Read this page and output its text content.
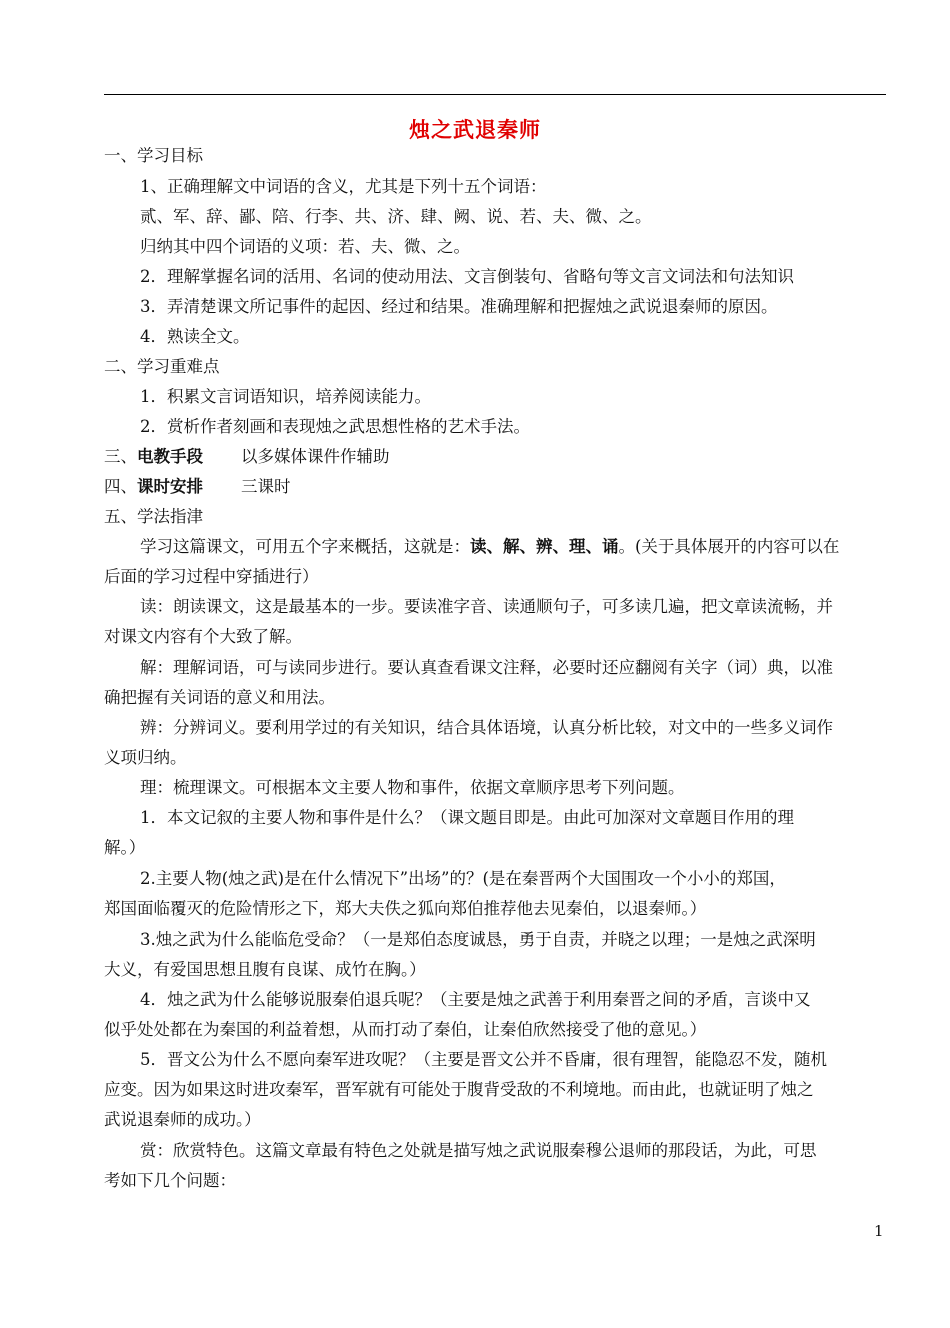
烛之武退秦师
一、学习目标
1、正确理解文中词语的含义，尤其是下列十五个词语：
贰、军、辞、鄙、陪、行李、共、济、肆、阙、说、若、夫、微、之。
归纳其中四个词语的义项：若、夫、微、之。
2．理解掌握名词的活用、名词的使动用法、文言倒装句、省略句等文言文词法和句法知识
3．弄清楚课文所记事件的起因、经过和结果。准确理解和把握烛之武说退秦师的原因。
4．熟读全文。
二、学习重难点
1．积累文言词语知识，培养阅读能力。
2．赏析作者刻画和表现烛之武思想性格的艺术手法。
三、电教手段 以多媒体课件作辅助
四、课时安排 三课时
五、学法指津
学习这篇课文，可用五个字来概括，这就是：读、解、辨、理、诵。(关于具体展开的内容可以在
后面的学习过程中穿插进行）
读：朗读课文，这是最基本的一步。要读准字音、读通顺句子，可多读几遍，把文章读流畅，并
对课文内容有个大致了解。
解：理解词语，可与读同步进行。要认真查看课文注释，必要时还应翻阅有关字（词）典，以准
确把握有关词语的意义和用法。
辨：分辨词义。要利用学过的有关知识，结合具体语境，认真分析比较，对文中的一些多义词作
义项归纳。
理：梳理课文。可根据本文主要人物和事件，依据文章顺序思考下列问题。
1．本文记叙的主要人物和事件是什么？（课文题目即是。由此可加深对文章题目作用的理
解。）
2.主要人物(烛之武)是在什么情况下”出场”的？(是在秦晋两个大国围攻一个小小的郑国，
郑国面临覆灭的危险情形之下，郑大夫佚之狐向郑伯推荐他去见秦伯，以退秦师。）
3.烛之武为什么能临危受命？（一是郑伯态度诚恳，勇于自责，并晓之以理；一是烛之武深明
大义，有爱国思想且腹有良谋、成竹在胸。）
4．烛之武为什么能够说服秦伯退兵呢？（主要是烛之武善于利用秦晋之间的矛盾，言谈中又
似乎处处都在为秦国的利益着想，从而打动了秦伯，让秦伯欣然接受了他的意见。）
5．晋文公为什么不愿向秦军进攻呢？（主要是晋文公并不昏庸，很有理智，能隐忍不发，随机
应变。因为如果这时进攻秦军，晋军就有可能处于腹背受敌的不利境地。而由此，也就证明了烛之
武说退秦师的成功。）
赏：欣赏特色。这篇文章最有特色之处就是描写烛之武说服秦穆公退师的那段话，为此，可思
考如下几个问题：
1
